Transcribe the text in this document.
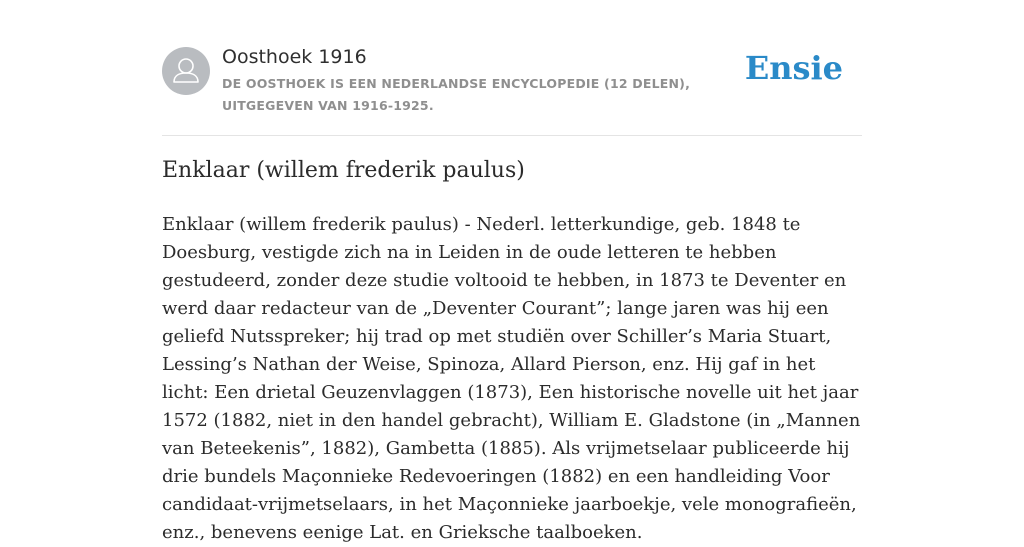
Oosthoek 1916
DE OOSTHOEK IS EEN NEDERLANDSE ENCYCLOPEDIE (12 DELEN), UITGEGEVEN VAN 1916-1925.
Ensie
Enklaar (willem frederik paulus)

Enklaar (willem frederik paulus) - Nederl. letterkundige, geb. 1848 te Doesburg, vestigde zich na in Leiden in de oude letteren te hebben gestudeerd, zonder deze studie voltooid te hebben, in 1873 te Deventer en werd daar redacteur van de „Deventer Courant”; lange jaren was hij een geliefd Nutsspreker; hij trad op met studiën over Schiller’s Maria Stuart, Lessing’s Nathan der Weise, Spinoza, Allard Pierson, enz. Hij gaf in het licht: Een drietal Geuzenvlaggen (1873), Een historische novelle uit het jaar 1572 (1882, niet in den handel gebracht), William E. Gladstone (in „Mannen van Beteekenis”, 1882), Gambetta (1885). Als vrijmetselaar publiceerde hij drie bundels Maçonnieke Redevoeringen (1882) en een handleiding Voor candidaat-vrijmetselaars, in het Maçonnieke jaarboekje, vele monografieën, enz., benevens eenige Lat. en Grieksche taalboeken.
